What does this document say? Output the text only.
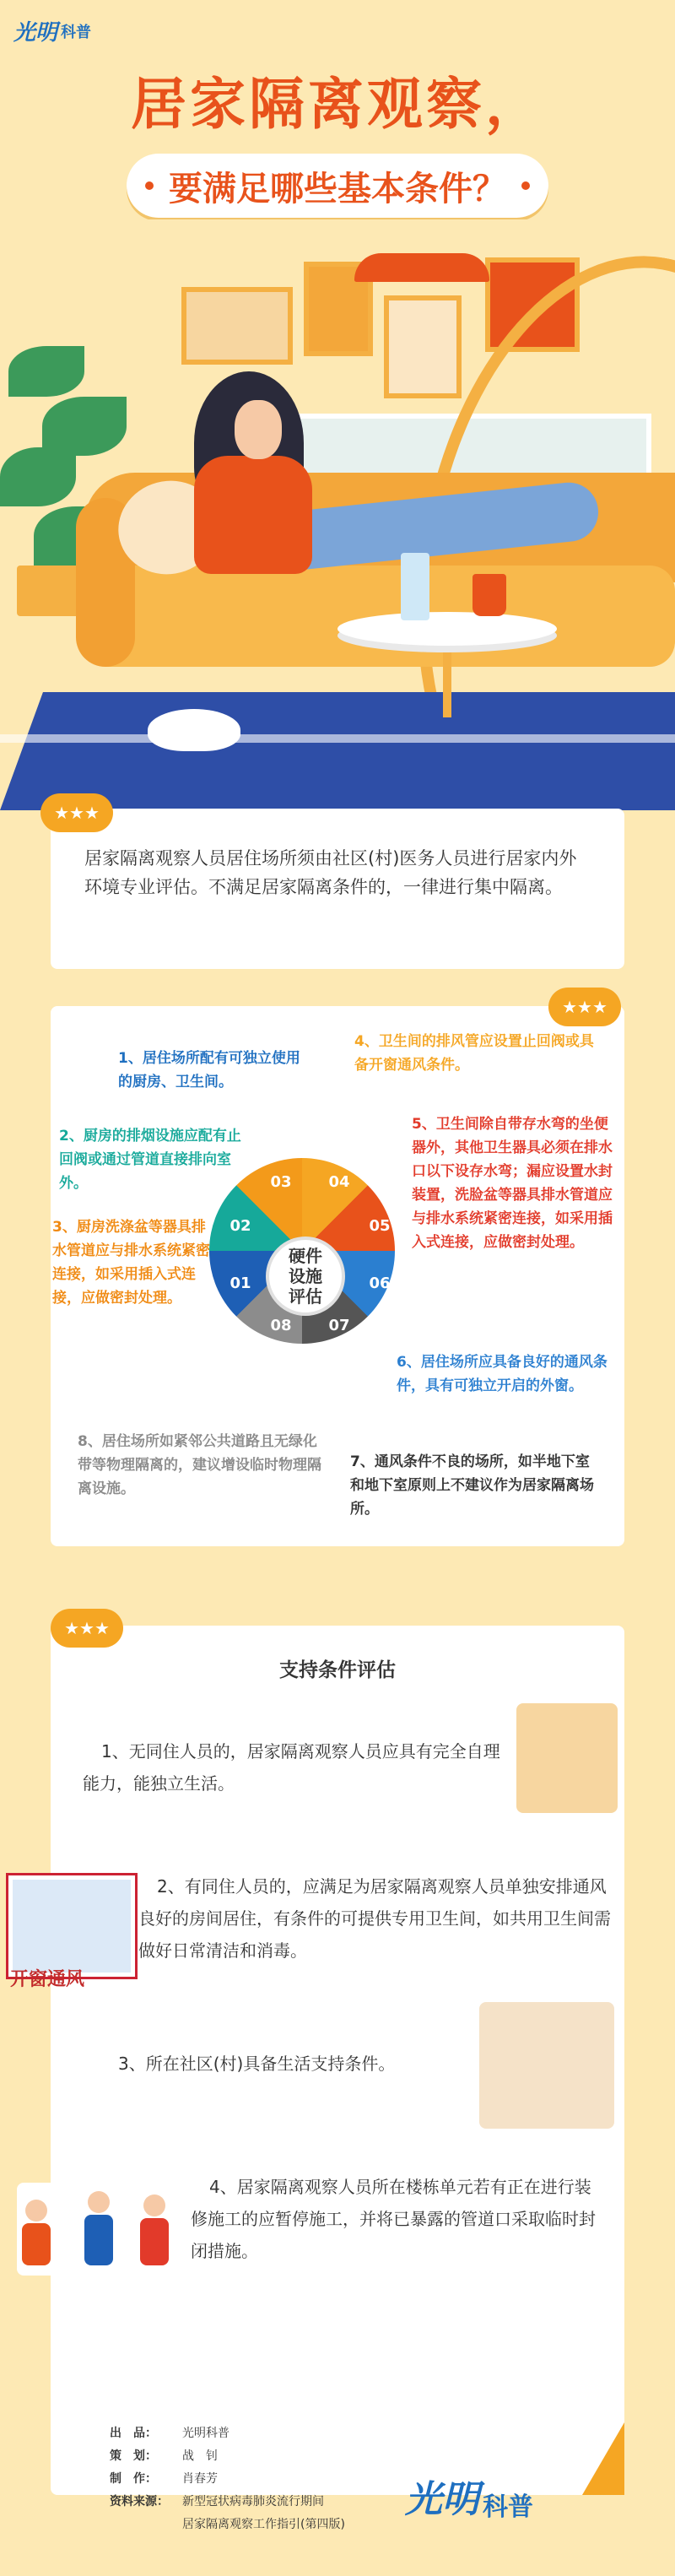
光明 科普
居家隔离观察，
要满足哪些基本条件？
★★★
居家隔离观察人员居住场所须由社区(村)医务人员进行居家内外环境专业评估。不满足居家隔离条件的，一律进行集中隔离。
★★★
03	04
02	05
01	06
08	07
硬件
设施
评估
1、居住场所配有可独立使用的厨房、卫生间。
2、厨房的排烟设施应配有止回阀或通过管道直接排向室外。
3、厨房洗涤盆等器具排水管道应与排水系统紧密连接，如采用插入式连接，应做密封处理。
4、卫生间的排风管应设置止回阀或具备开窗通风条件。
5、卫生间除自带存水弯的坐便器外，其他卫生器具必须在排水口以下设存水弯；漏应设置水封装置，洗脸盆等器具排水管道应与排水系统紧密连接，如采用插入式连接，应做密封处理。
6、居住场所应具备良好的通风条件，具有可独立开启的外窗。
7、通风条件不良的场所，如半地下室和地下室原则上不建议作为居家隔离场所。
8、居住场所如紧邻公共道路且无绿化带等物理隔离的，建议增设临时物理隔离设施。
★★★
支持条件评估
1、无同住人员的，居家隔离观察人员应具有完全自理能力，能独立生活。
开窗通风
2、有同住人员的，应满足为居家隔离观察人员单独安排通风良好的房间居住，有条件的可提供专用卫生间，如共用卫生间需做好日常清洁和消毒。
3、所在社区(村)具备生活支持条件。
4、居家隔离观察人员所在楼栋单元若有正在进行装修施工的应暂停施工，并将已暴露的管道口采取临时封闭措施。
出　品： 光明科普
策　划： 战　钊
制　作： 肖春芳
资料来源： 新型冠状病毒肺炎流行期间
居家隔离观察工作指引(第四版)
光明 科普
